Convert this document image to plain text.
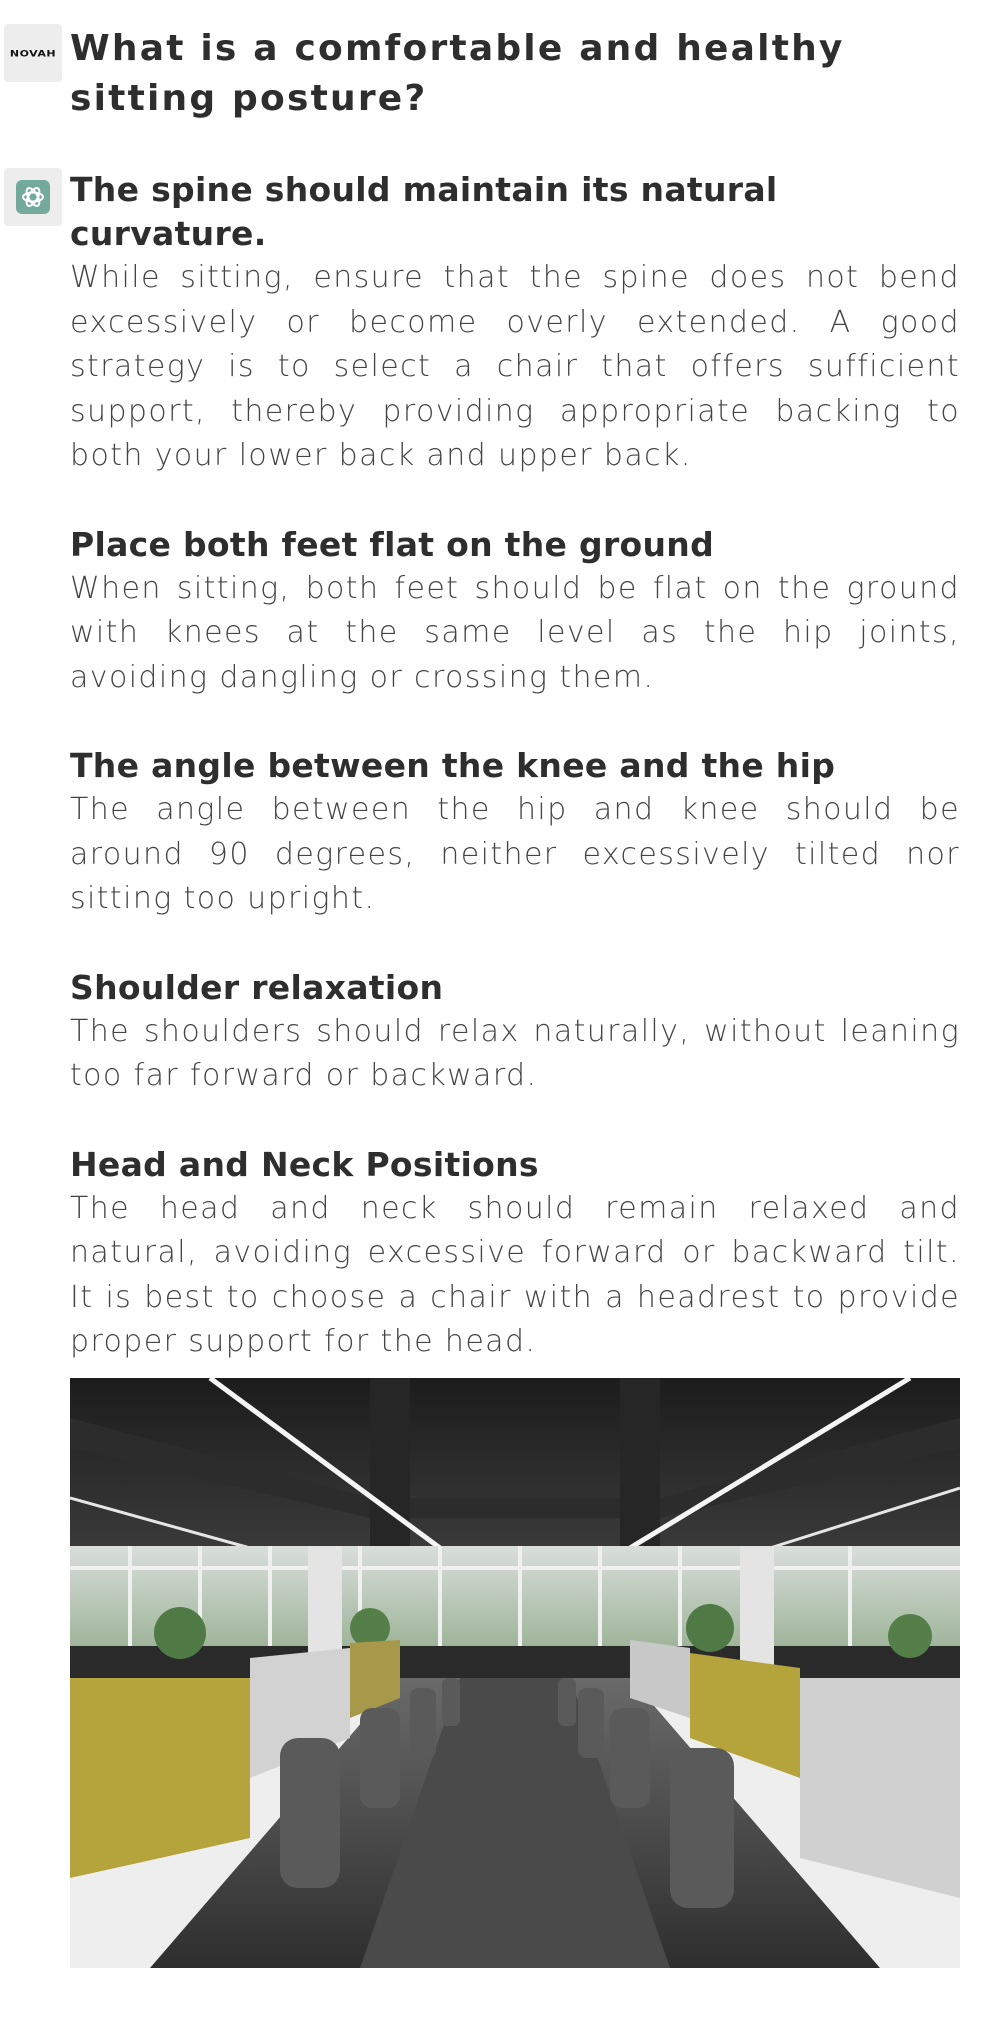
NOVAH What is a comfortable and healthy sitting posture?
The spine should maintain its natural curvature.

While sitting, ensure that the spine does not bend excessively or become overly extended. A good strategy is to select a chair that offers sufficient support, thereby providing appropriate backing to both your lower back and upper back.

Place both feet flat on the ground

When sitting, both feet should be flat on the ground with knees at the same level as the hip joints, avoiding dangling or crossing them.

The angle between the knee and the hip

The angle between the hip and knee should be around 90 degrees, neither excessively tilted nor sitting too upright.

Shoulder relaxation

The shoulders should relax naturally, without leaning too far forward or backward.

Head and Neck Positions

The head and neck should remain relaxed and natural, avoiding excessive forward or backward tilt. It is best to choose a chair with a headrest to provide proper support for the head.
